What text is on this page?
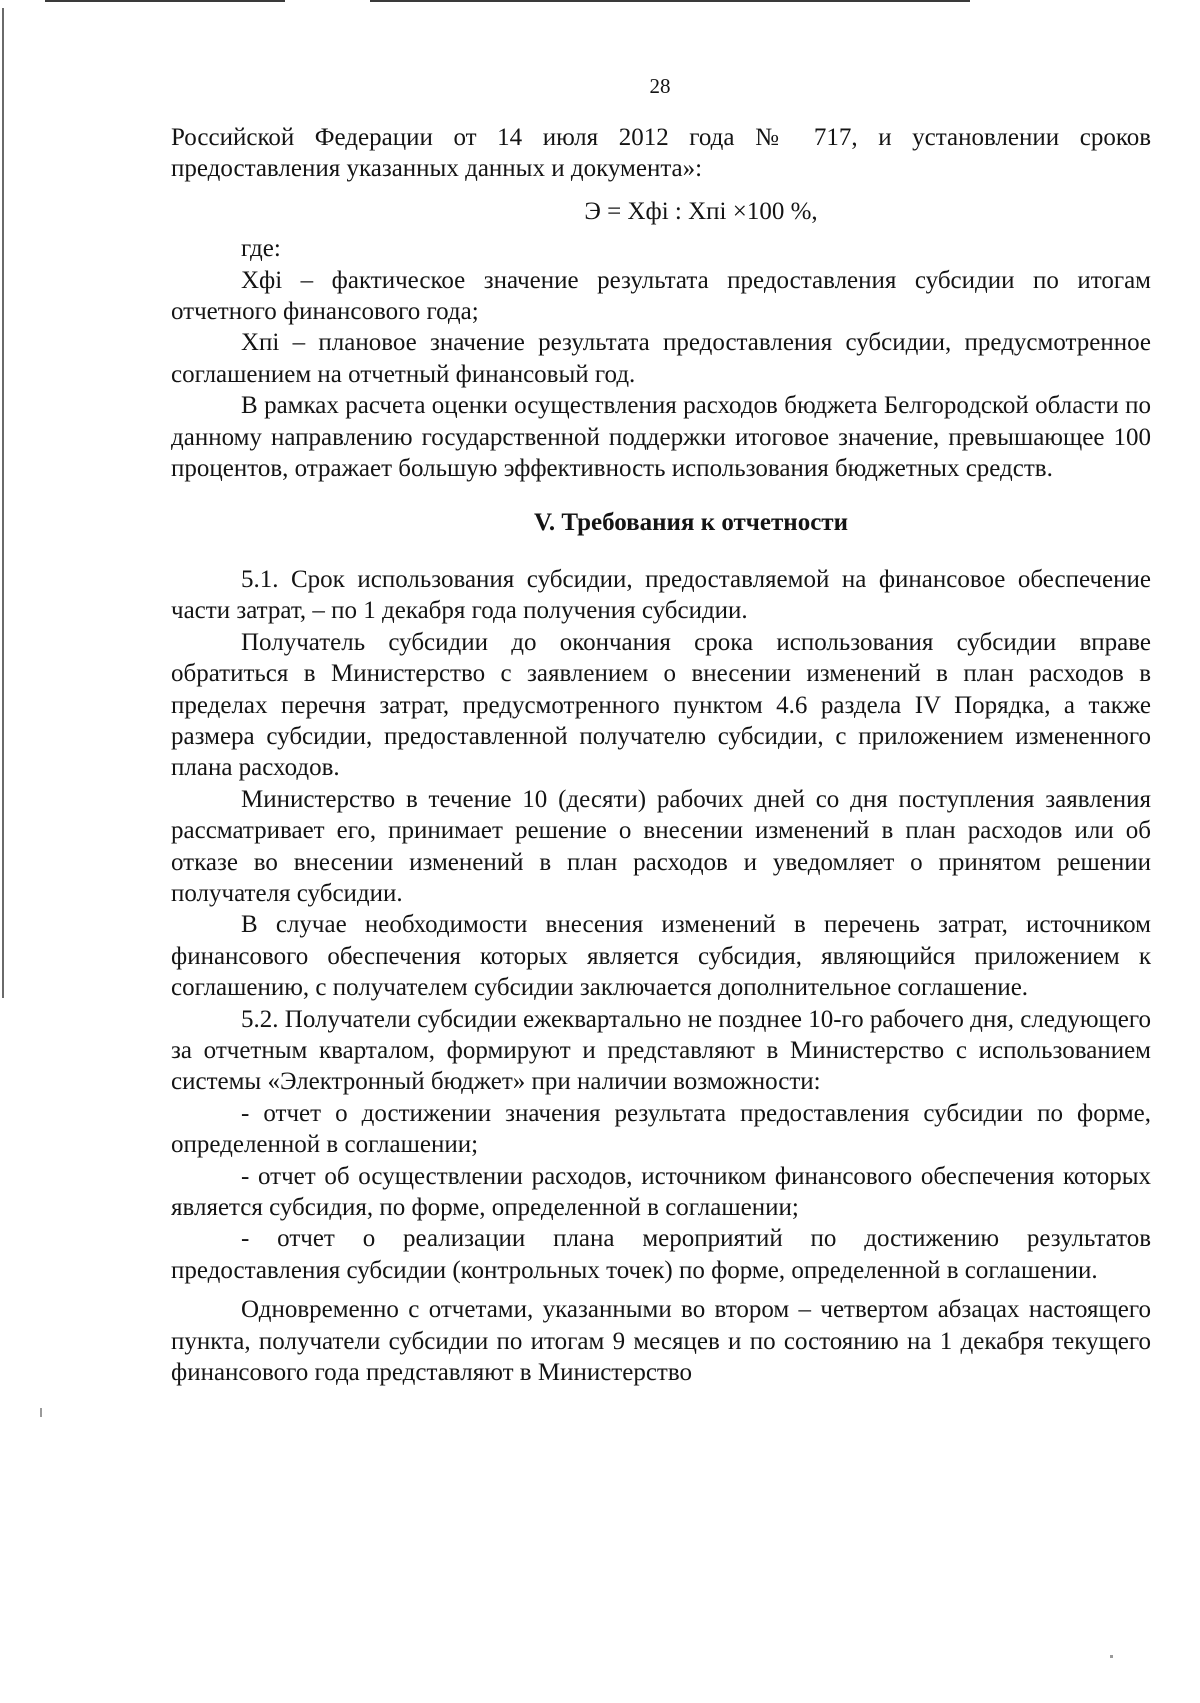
28

Российской Федерации от 14 июля 2012 года № 717, и установлении сроков предоставления указанных данных и документа»:

Э = Хфi : Хпi ×100 %,

где:

Хфi – фактическое значение результата предоставления субсидии по итогам отчетного финансового года;

Хпi – плановое значение результата предоставления субсидии, предусмотренное соглашением на отчетный финансовый год.

В рамках расчета оценки осуществления расходов бюджета Белгородской области по данному направлению государственной поддержки итоговое значение, превышающее 100 процентов, отражает большую эффективность использования бюджетных средств.

V. Требования к отчетности

5.1. Срок использования субсидии, предоставляемой на финансовое обеспечение части затрат, – по 1 декабря года получения субсидии.

Получатель субсидии до окончания срока использования субсидии вправе обратиться в Министерство с заявлением о внесении изменений в план расходов в пределах перечня затрат, предусмотренного пунктом 4.6 раздела IV Порядка, а также размера субсидии, предоставленной получателю субсидии, с приложением измененного плана расходов.

Министерство в течение 10 (десяти) рабочих дней со дня поступления заявления рассматривает его, принимает решение о внесении изменений в план расходов или об отказе во внесении изменений в план расходов и уведомляет о принятом решении получателя субсидии.

В случае необходимости внесения изменений в перечень затрат, источником финансового обеспечения которых является субсидия, являющийся приложением к соглашению, с получателем субсидии заключается дополнительное соглашение.

5.2. Получатели субсидии ежеквартально не позднее 10-го рабочего дня, следующего за отчетным кварталом, формируют и представляют в Министерство с использованием системы «Электронный бюджет» при наличии возможности:

- отчет о достижении значения результата предоставления субсидии по форме, определенной в соглашении;

- отчет об осуществлении расходов, источником финансового обеспечения которых является субсидия, по форме, определенной в соглашении;

- отчет о реализации плана мероприятий по достижению результатов предоставления субсидии (контрольных точек) по форме, определенной в соглашении.

Одновременно с отчетами, указанными во втором – четвертом абзацах настоящего пункта, получатели субсидии по итогам 9 месяцев и по состоянию на 1 декабря текущего финансового года представляют в Министерство
